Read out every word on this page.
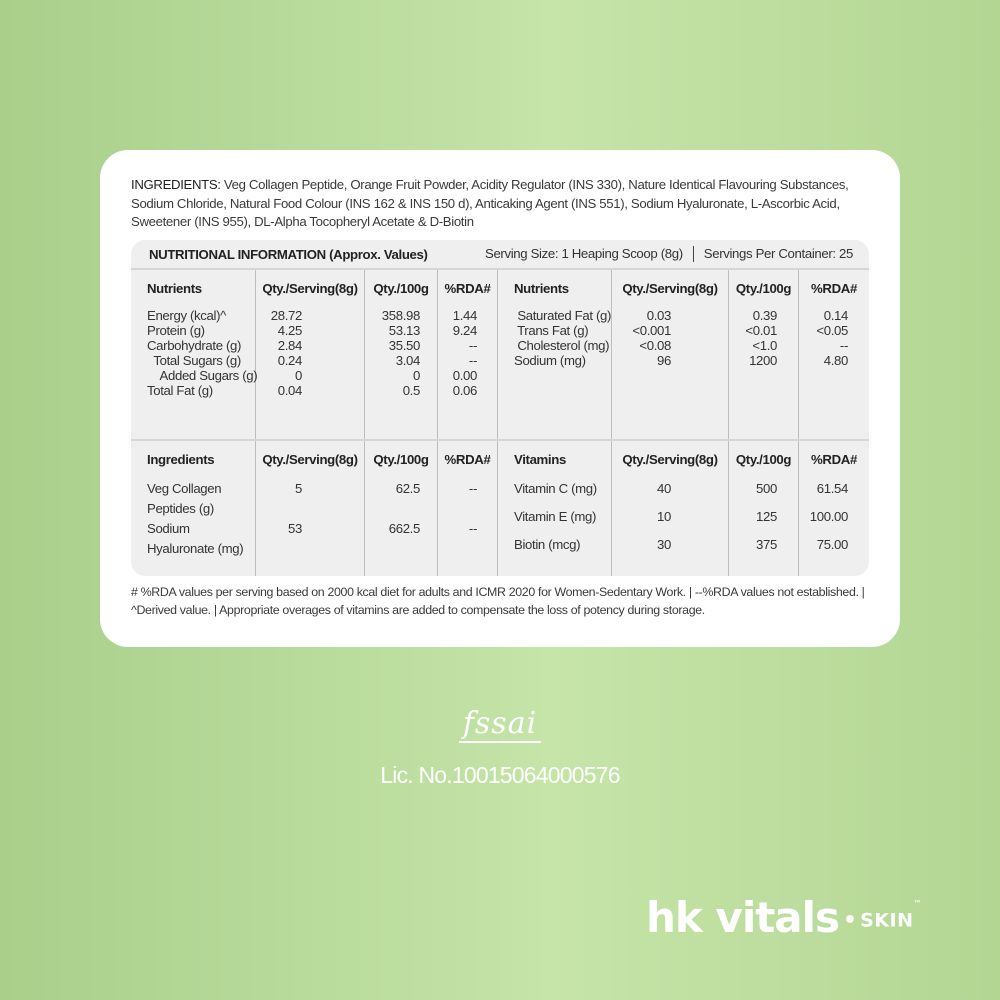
INGREDIENTS: Veg Collagen Peptide, Orange Fruit Powder, Acidity Regulator (INS 330), Nature Identical Flavouring Substances, Sodium Chloride, Natural Food Colour (INS 162 & INS 150 d), Anticaking Agent (INS 551), Sodium Hyaluronate, L-Ascorbic Acid, Sweetener (INS 955), DL-Alpha Tocopheryl Acetate & D-Biotin

NUTRITIONAL INFORMATION (Approx. Values)	Serving Size: 1 Heaping Scoop (8g) Servings Per Container: 25
Nutrients
Energy (kcal)^
Protein (g)
Carbohydrate (g)
Total Sugars (g)
Added Sugars (g)
Total Fat (g)
Qty./Serving(8g)
28.72
4.25
2.84
0.24
0
0.04
Qty./100g
358.98
53.13
35.50
3.04
0
0.5
%RDA#
1.44
9.24
--
--
0.00
0.06
Nutrients
Saturated Fat (g)
Trans Fat (g)
Cholesterol (mg)
Sodium (mg)
Qty./Serving(8g)
0.03
<0.001
<0.08
96
Qty./100g
0.39
<0.01
<1.0
1200
%RDA#
0.14
<0.05
--
4.80
Ingredients
Veg Collagen
Peptides (g)
Sodium
Hyaluronate (mg)
Qty./Serving(8g)
5
53
Qty./100g
62.5
662.5
%RDA#
--
--
Vitamins
Vitamin C (mg)
Vitamin E (mg)
Biotin (mcg)
Qty./Serving(8g)
40
10
30
Qty./100g
500
125
375
%RDA#
61.54
100.00
75.00

# %RDA values per serving based on 2000 kcal diet for adults and ICMR 2020 for Women-Sedentary Work. | --%RDA values not established. | ^Derived value. | Appropriate overages of vitamins are added to compensate the loss of potency during storage.

fssai
Lic. No.10015064000576
hk vitals • SKIN™
